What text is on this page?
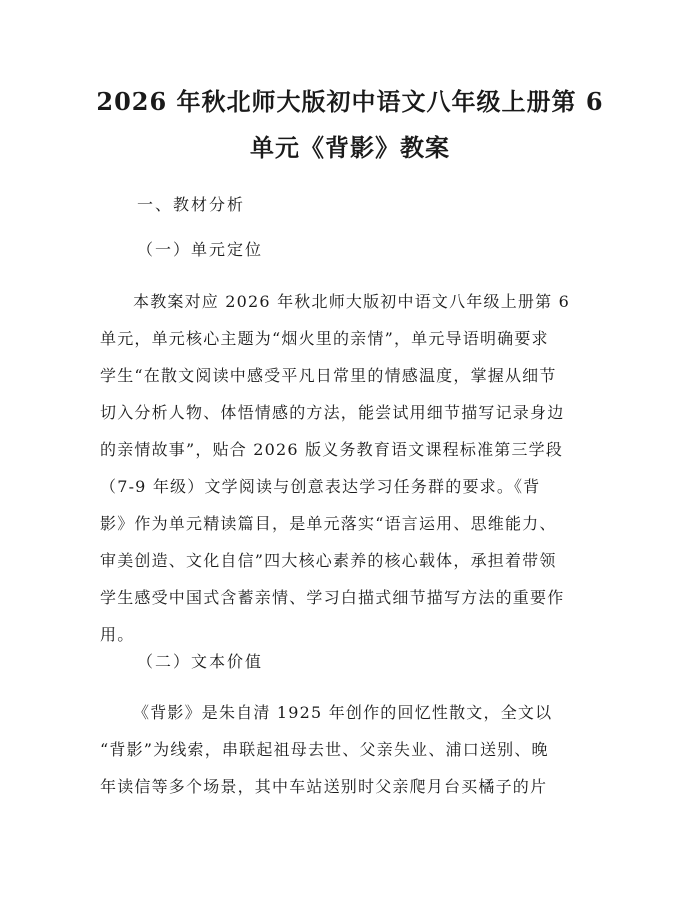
2026 年秋北师大版初中语文八年级上册第 6
单元《背影》教案
一、教材分析
（一）单元定位
本教案对应 2026 年秋北师大版初中语文八年级上册第 6
单元，单元核心主题为“烟火里的亲情”，单元导语明确要求
学生“在散文阅读中感受平凡日常里的情感温度，掌握从细节
切入分析人物、体悟情感的方法，能尝试用细节描写记录身边
的亲情故事”，贴合 2026 版义务教育语文课程标准第三学段
（7-9 年级）文学阅读与创意表达学习任务群的要求。《背
影》作为单元精读篇目，是单元落实“语言运用、思维能力、
审美创造、文化自信”四大核心素养的核心载体，承担着带领
学生感受中国式含蓄亲情、学习白描式细节描写方法的重要作
用。
（二）文本价值
《背影》是朱自清 1925 年创作的回忆性散文，全文以
“背影”为线索，串联起祖母去世、父亲失业、浦口送别、晚
年读信等多个场景，其中车站送别时父亲爬月台买橘子的片
